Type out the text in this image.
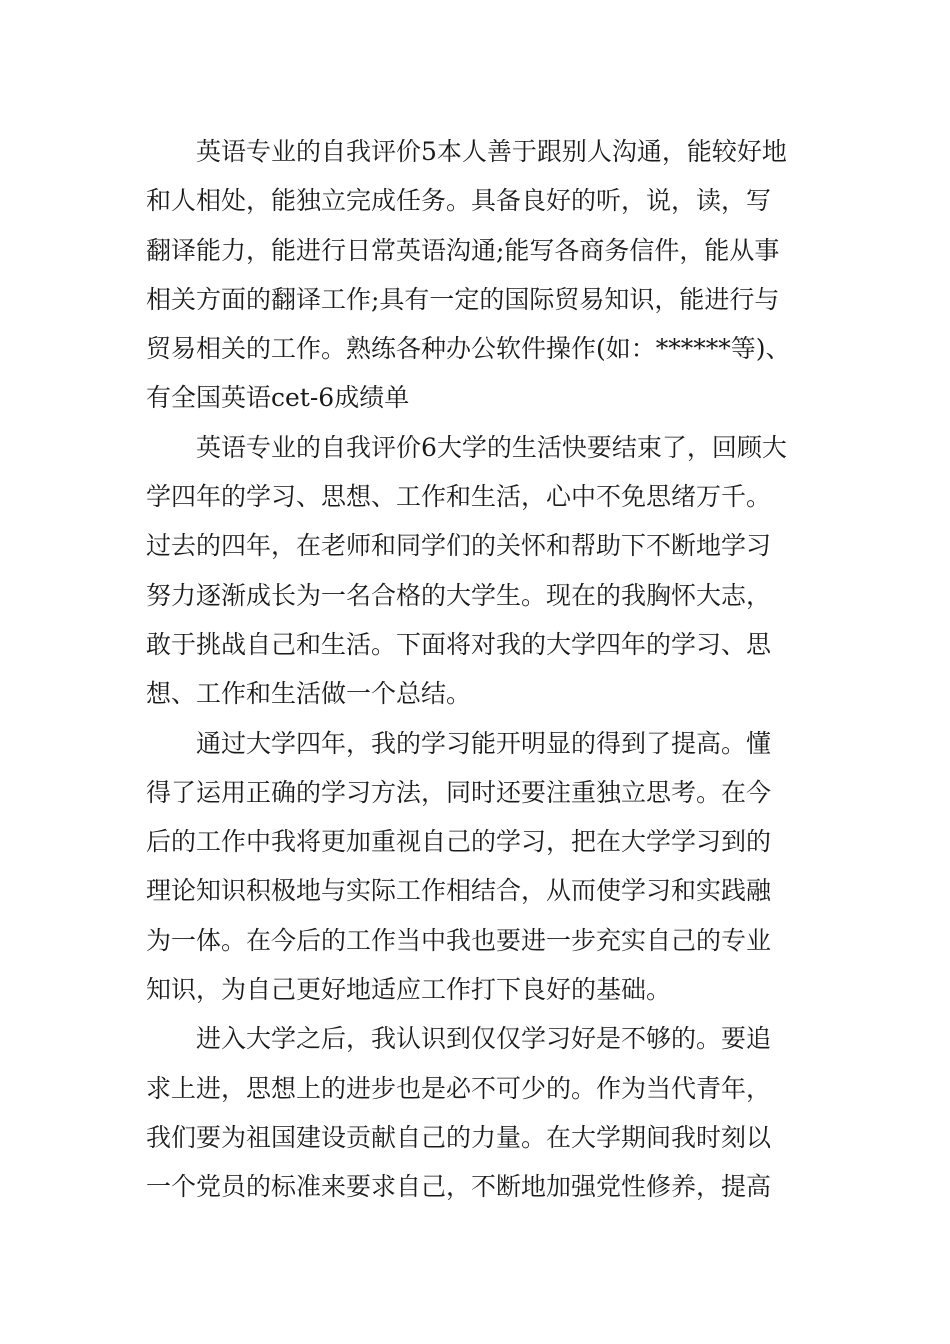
英语专业的自我评价5本人善于跟别人沟通，能较好地
和人相处，能独立完成任务。具备良好的听，说，读，写
翻译能力，能进行日常英语沟通;能写各商务信件，能从事
相关方面的翻译工作;具有一定的国际贸易知识，能进行与
贸易相关的工作。熟练各种办公软件操作(如：******等)、
有全国英语cet-6成绩单
英语专业的自我评价6大学的生活快要结束了，回顾大
学四年的学习、思想、工作和生活，心中不免思绪万千。
过去的四年，在老师和同学们的关怀和帮助下不断地学习
努力逐渐成长为一名合格的大学生。现在的我胸怀大志，
敢于挑战自己和生活。下面将对我的大学四年的学习、思
想、工作和生活做一个总结。
通过大学四年，我的学习能开明显的得到了提高。懂
得了运用正确的学习方法，同时还要注重独立思考。在今
后的工作中我将更加重视自己的学习，把在大学学习到的
理论知识积极地与实际工作相结合，从而使学习和实践融
为一体。在今后的工作当中我也要进一步充实自己的专业
知识，为自己更好地适应工作打下良好的基础。
进入大学之后，我认识到仅仅学习好是不够的。要追
求上进，思想上的进步也是必不可少的。作为当代青年，
我们要为祖国建设贡献自己的力量。在大学期间我时刻以
一个党员的标准来要求自己，不断地加强党性修养，提高
